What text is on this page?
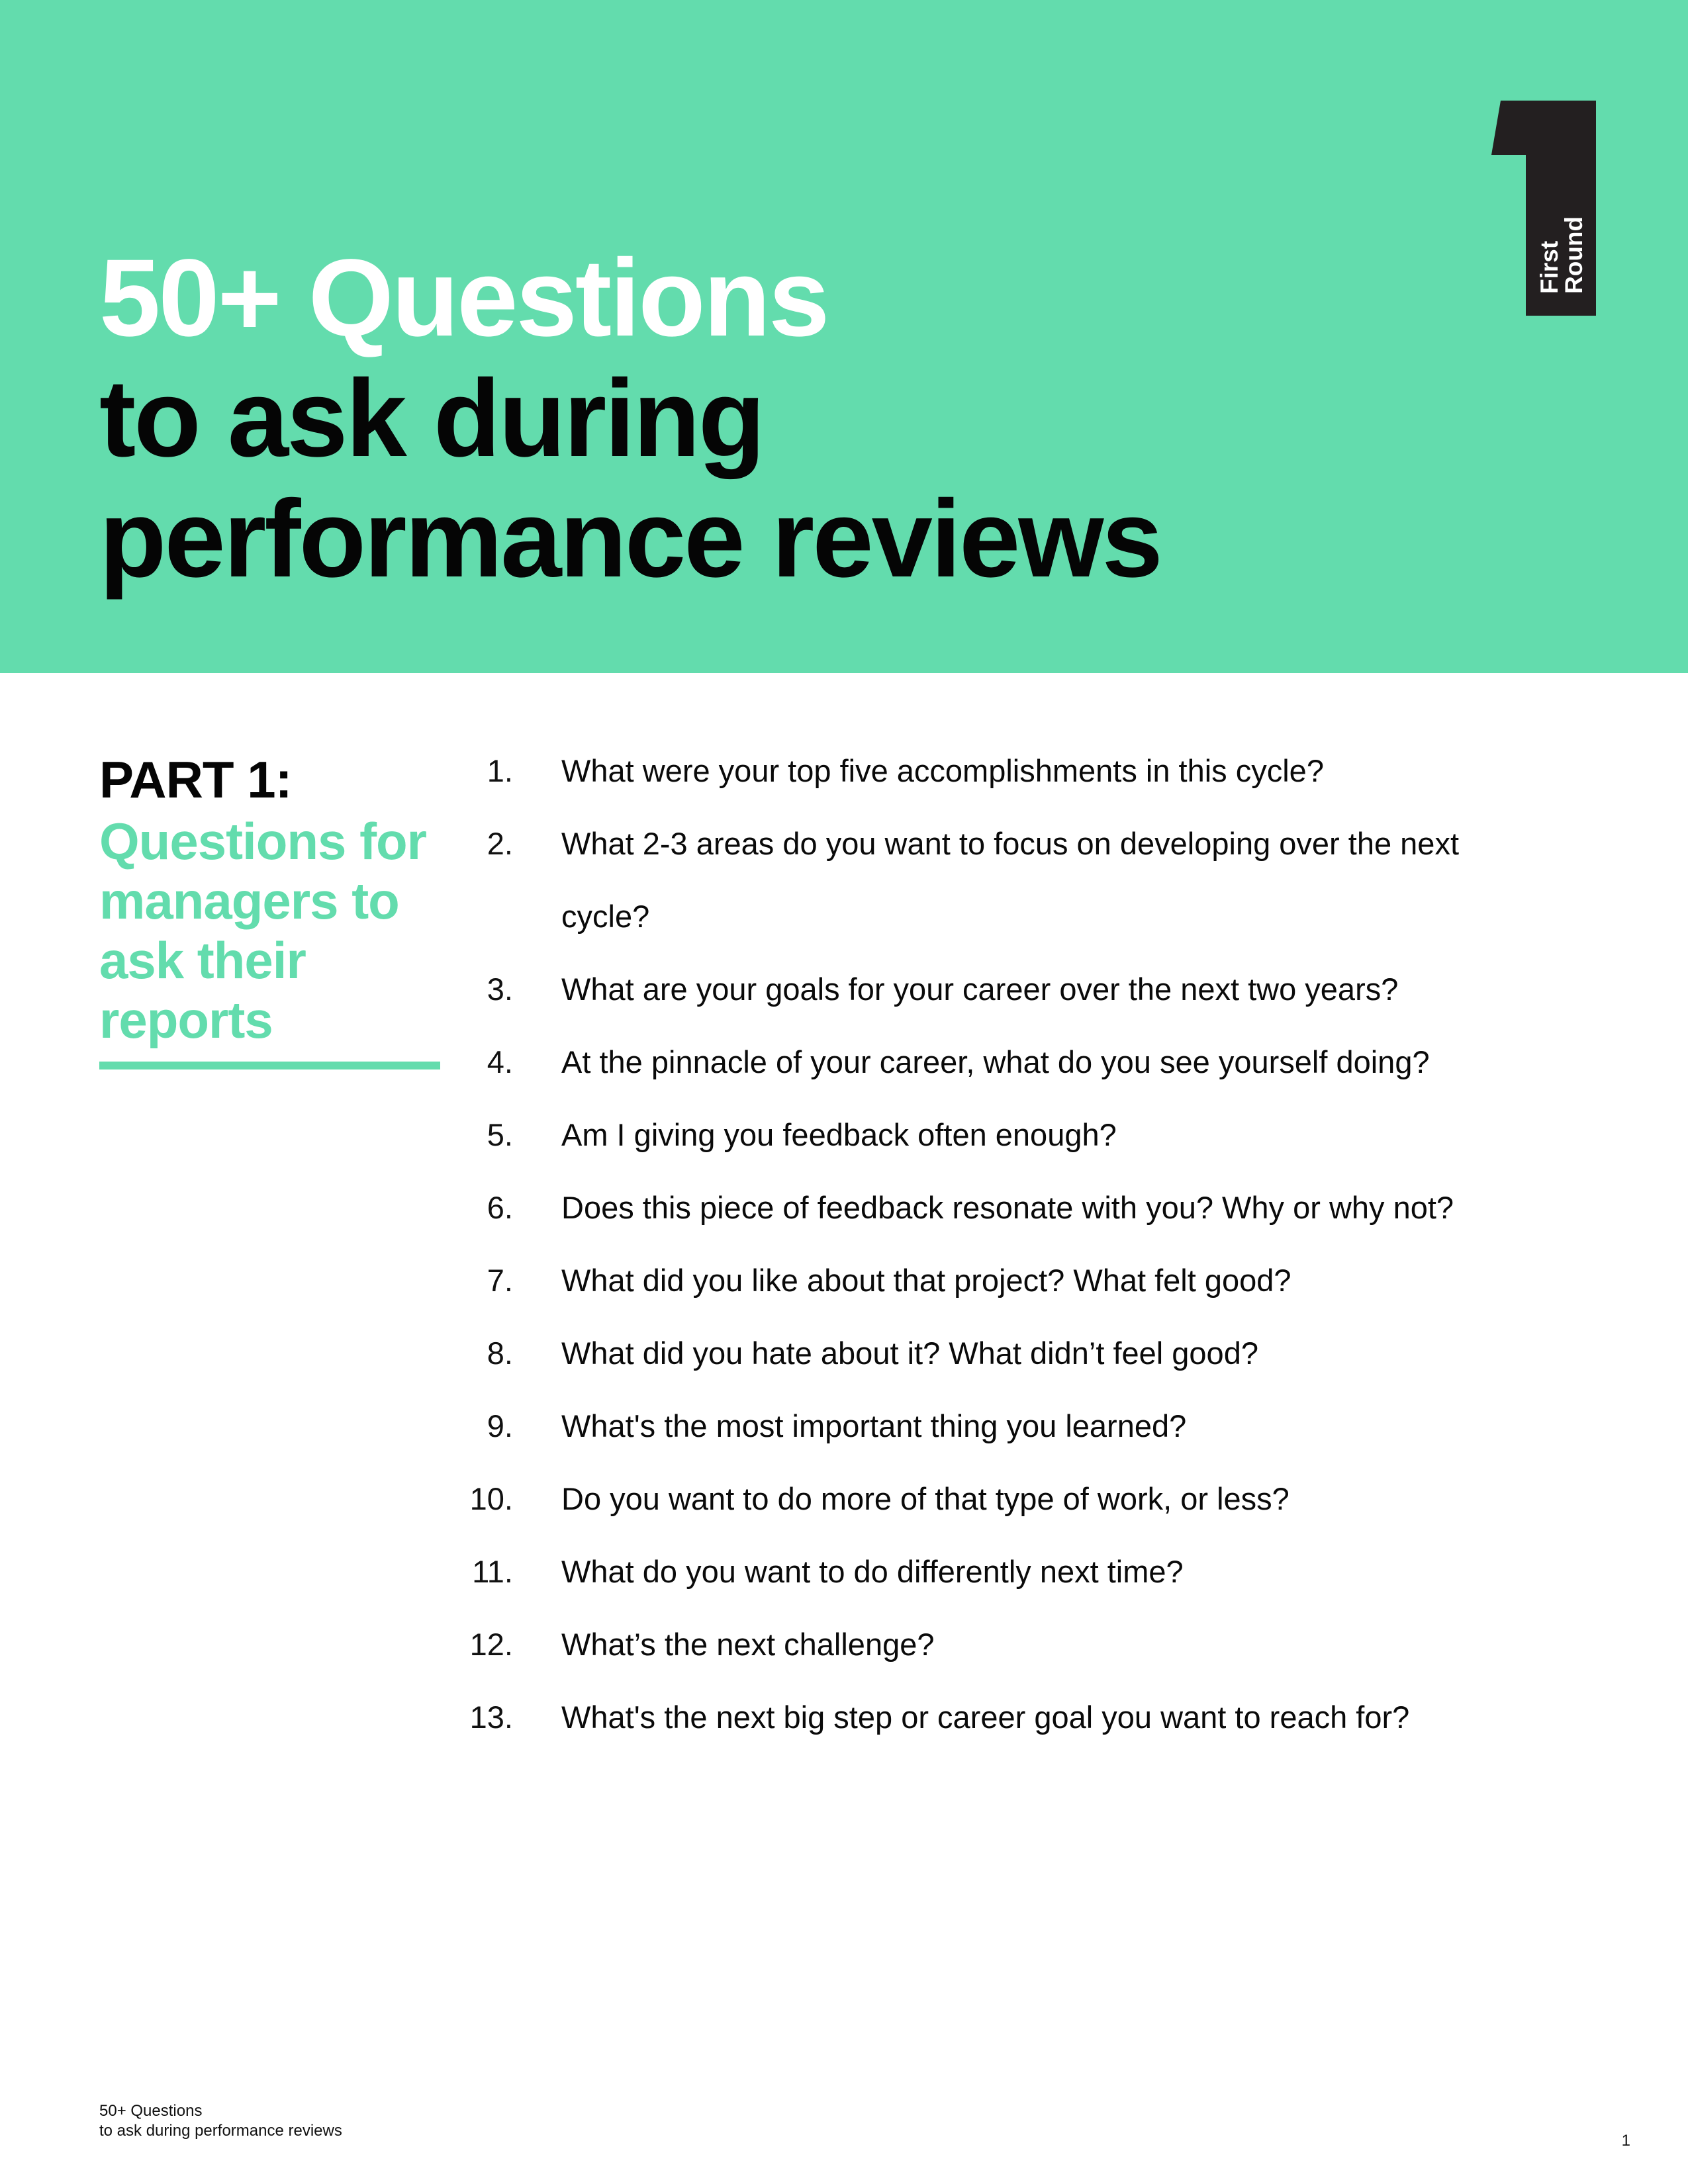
50+ Questions
to ask during
performance reviews
First
Round

PART 1:

Questions for
managers to
ask their
reports

1. What were your top five accomplishments in this cycle?
2. What 2-3 areas do you want to focus on developing over the next cycle?
3. What are your goals for your career over the next two years?
4. At the pinnacle of your career, what do you see yourself doing?
5. Am I giving you feedback often enough?
6. Does this piece of feedback resonate with you? Why or why not?
7. What did you like about that project? What felt good?
8. What did you hate about it? What didn’t feel good?
9. What's the most important thing you learned?
10. Do you want to do more of that type of work, or less?
11. What do you want to do differently next time?
12. What’s the next challenge?
13. What's the next big step or career goal you want to reach for?
50+ Questions
to ask during performance reviews
1
